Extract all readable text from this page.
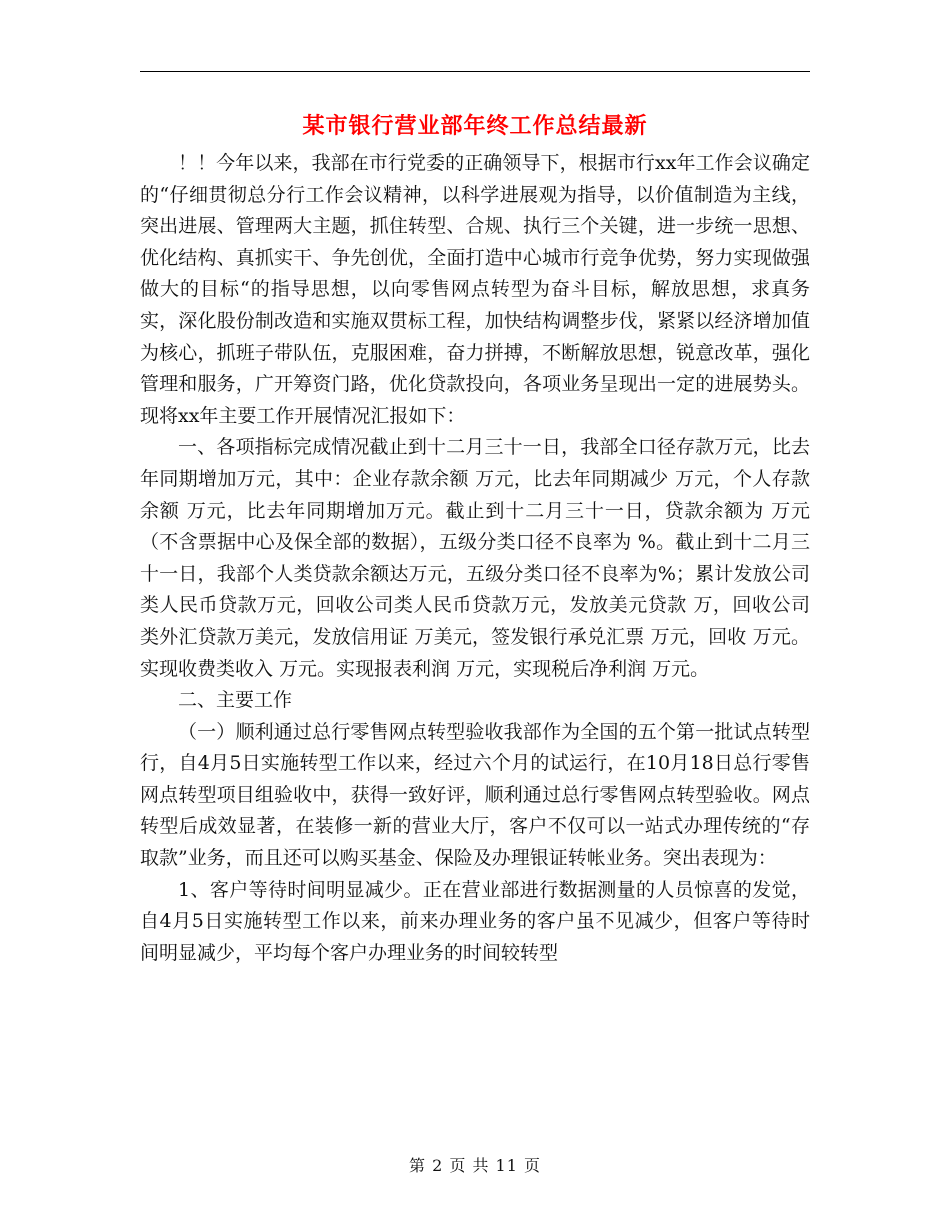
某市银行营业部年终工作总结最新

！！今年以来，我部在市行党委的正确领导下，根据市行xx年工作会议确定的“仔细贯彻总分行工作会议精神，以科学进展观为指导，以价值制造为主线，突出进展、管理两大主题，抓住转型、合规、执行三个关键，进一步统一思想、优化结构、真抓实干、争先创优，全面打造中心城市行竞争优势，努力实现做强做大的目标“的指导思想，以向零售网点转型为奋斗目标，解放思想，求真务实，深化股份制改造和实施双贯标工程，加快结构调整步伐，紧紧以经济增加值为核心，抓班子带队伍，克服困难，奋力拼搏，不断解放思想，锐意改革，强化管理和服务，广开筹资门路，优化贷款投向，各项业务呈现出一定的进展势头。现将xx年主要工作开展情况汇报如下：

一、各项指标完成情况截止到十二月三十一日，我部全口径存款万元，比去年同期增加万元，其中：企业存款余额 万元，比去年同期减少 万元，个人存款余额 万元，比去年同期增加万元。截止到十二月三十一日，贷款余额为 万元（不含票据中心及保全部的数据），五级分类口径不良率为 %。截止到十二月三十一日，我部个人类贷款余额达万元，五级分类口径不良率为%；累计发放公司类人民币贷款万元，回收公司类人民币贷款万元，发放美元贷款 万，回收公司类外汇贷款万美元，发放信用证 万美元，签发银行承兑汇票 万元，回收 万元。实现收费类收入 万元。实现报表利润 万元，实现税后净利润 万元。

二、主要工作

（一）顺利通过总行零售网点转型验收我部作为全国的五个第一批试点转型行，自4月5日实施转型工作以来，经过六个月的试运行，在10月18日总行零售网点转型项目组验收中，获得一致好评，顺利通过总行零售网点转型验收。网点转型后成效显著，在装修一新的营业大厅，客户不仅可以一站式办理传统的“存取款”业务，而且还可以购买基金、保险及办理银证转帐业务。突出表现为：

1、客户等待时间明显减少。正在营业部进行数据测量的人员惊喜的发觉，自4月5日实施转型工作以来，前来办理业务的客户虽不见减少，但客户等待时间明显减少，平均每个客户办理业务的时间较转型

第 2 页 共 11 页
